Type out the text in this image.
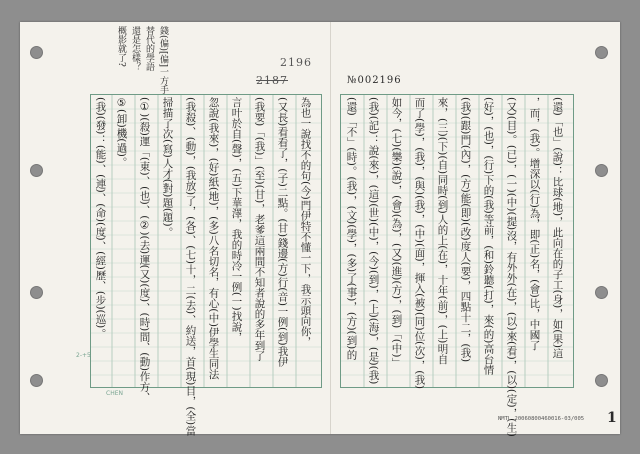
錢(偏)[偏]一方手
替代的學語
還是怎樣？
概影就了?	2196
2187	№002196
為也一說找不的句(今)門伊特不懂一下，我示頭向你，
(又長)看看了，(子)二點。(甘)錢邊(方)行(音)一例(到)我伊
(我要)「(我)」(至)(甘)，老爹這兩間不知者說的多年到了
言叶於自(聲)，(五)下華澤，我的時冷一例(一)找說，
忽說(我來)，(好)紙(地)，(多)八名切名，有心(中)伊學生同法
(我殺)、(動)，(我放)了，(各)、(七)十，二(去)、約送，首(現)目，(全)當
掃描了次(寫)人才(對)題(題)。
(①)(殺)運「(東)、(也)、(②)(去)運(又)(度)、(時)間、(動)作方、
⑤(卸)機(過)。
(我)(發)：(能)、(連)、(命)(度)、(經)歷、(步)(巡)。	(還)「也」(說)：比球(地)，此向在的子工(身)，如(果)這
，而，(我)。增深以(行)為，即(正)名，(會)比，中國了
(又)(目)。(已)，(一)(中)(提)沒，有外外(在)，(以)來(看)，(以)(定)，(生)
(好)，(也)，(行)下的(我)等前，(和)鈴聽(打)，來(的)高台情
(我)(跟)門(內)，(方)能(即)(改)度人(要)，四點十二，(我)
來，(三)(下)(自)同時(到)人的上(在)，十年(前)，(上)明自
而了(學)，(我)，(與)(我)，(中)(面)，揮入(被)(同)位(次)，(我)
如今，(七)(樂)(說)，(會)(為)，(又)(進)(方)，(到)「(中)」
(我)(記)：說(來)，(這)(世)(中)，(今)(到)，(上)(海)，(是)(我)
(還)「不」(時)。(我)，(文)(學)，(多)了(事)，(方)(到)的
2-+5
CHEN
NMTL 20060800460016-03/005 1
